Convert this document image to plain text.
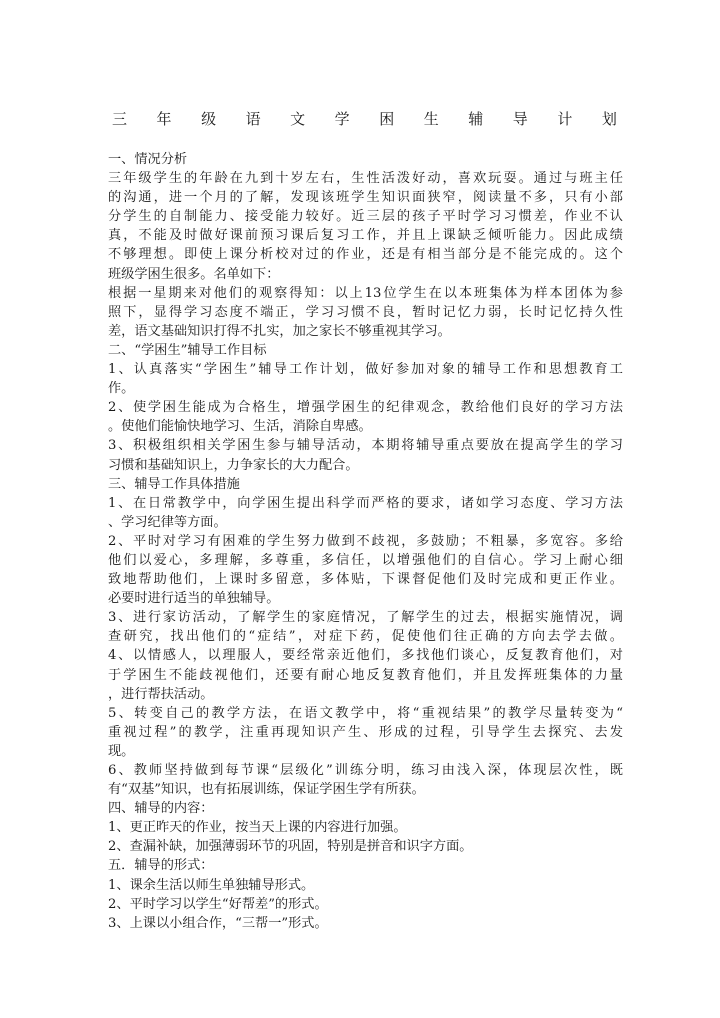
三 年 级 语 文 学 困 生 辅 导 计 划
一、情况分析
三年级学生的年龄在九到十岁左右，生性活泼好动，喜欢玩耍。通过与班主任
的沟通，进一个月的了解，发现该班学生知识面狭窄，阅读量不多，只有小部
分学生的自制能力、接受能力较好。近三层的孩子平时学习习惯差，作业不认
真，不能及时做好课前预习课后复习工作，并且上课缺乏倾听能力。因此成绩
不够理想。即使上课分析校对过的作业，还是有相当部分是不能完成的。这个
班级学困生很多。名单如下：
根据一星期来对他们的观察得知：以上13位学生在以本班集体为样本团体为参
照下，显得学习态度不端正，学习习惯不良，暂时记忆力弱，长时记忆持久性
差，语文基础知识打得不扎实，加之家长不够重视其学习。
二、“学困生”辅导工作目标
1、认真落实“学困生”辅导工作计划，做好参加对象的辅导工作和思想教育工
作。
2、使学困生能成为合格生，增强学困生的纪律观念，教给他们良好的学习方法
。使他们能愉快地学习、生活，消除自卑感。
3、积极组织相关学困生参与辅导活动，本期将辅导重点要放在提高学生的学习
习惯和基础知识上，力争家长的大力配合。
三、辅导工作具体措施
1、在日常教学中，向学困生提出科学而严格的要求，诸如学习态度、学习方法
、学习纪律等方面。
2、平时对学习有困难的学生努力做到不歧视，多鼓励；不粗暴，多宽容。多给
他们以爱心，多理解，多尊重，多信任，以增强他们的自信心。学习上耐心细
致地帮助他们，上课时多留意，多体贴，下课督促他们及时完成和更正作业。
必要时进行适当的单独辅导。
3、进行家访活动，了解学生的家庭情况，了解学生的过去，根据实施情况，调
查研究，找出他们的“症结”，对症下药，促使他们往正确的方向去学去做。
4、以情感人，以理服人，要经常亲近他们，多找他们谈心，反复教育他们，对
于学困生不能歧视他们，还要有耐心地反复教育他们，并且发挥班集体的力量
，进行帮扶活动。
5、转变自己的教学方法，在语文教学中，将“重视结果”的教学尽量转变为“
重视过程”的教学，注重再现知识产生、形成的过程，引导学生去探究、去发
现。
6、教师坚持做到每节课“层级化”训练分明，练习由浅入深，体现层次性，既
有“双基”知识，也有拓展训练，保证学困生学有所获。
四、辅导的内容：
1、更正昨天的作业，按当天上课的内容进行加强。
2、查漏补缺，加强薄弱环节的巩固，特别是拼音和识字方面。
五．辅导的形式：
1、课余生活以师生单独辅导形式。
2、平时学习以学生“好帮差”的形式。
3、上课以小组合作，“三帮一”形式。
